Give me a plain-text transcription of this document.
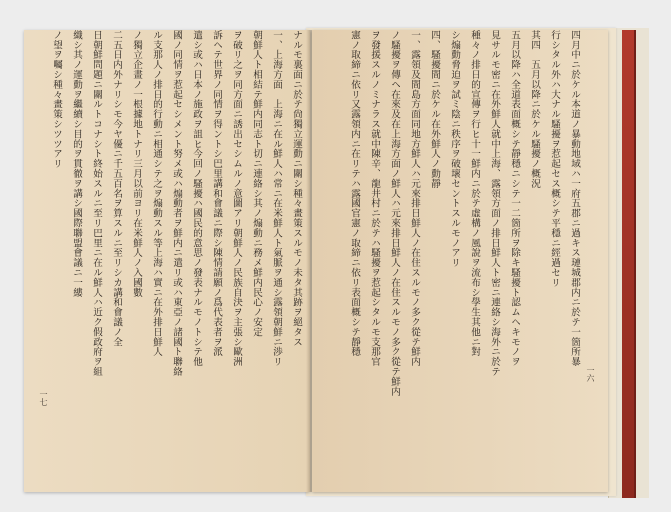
ナルモ裏面ニ於テ尙獨立運動ニ關シ種々畫策スルモノ未タ其跡ヲ絕タス
一、上海方面　上海ニ在ル鮮人ハ常ニ在米鮮人ト氣脈ヲ通シ露領朝鮮ニ渉リ
朝鮮人ト相結テ鮮内同志ト切ニ連絡シ其ノ煽動ニ務メ鮮内民心ノ安定
ヲ破リ之ヲ同方面ニ誘出セシムルノ意圖アリ朝鮮人ノ民族自決ヲ主張シ歐洲
訴ヘテ世界ノ同情ヲ得ントシ巴里講和會議ニ際シ陳情請願ノ爲代表者ヲ派
遣シ或ハ日本ノ施政ヲ詛ヒ今回ノ騷擾ハ國民的意思ノ發表ナルモノトシテ他
國ノ同情ヲ惹起セシメント努メ或ハ煽動者ヲ鮮内ニ遣リ或ハ東亞ノ諸國ト聯絡
ル支那人ノ排日的行動ニ相通シテ之ヲ煽動スル等上海ハ實ニ在外排日鮮人
ノ獨立企畫ノ一根據地トナリ三月以前ヨリ在米鮮人ノ入國數
二五日内外ナリシモ今ヤ優ニ千五百名ヲ算スルニ至リシカ講和會議ノ全
日朝鮮問題ニ關ルトコナシト終始スルニ至リ巴里ニ在ル鮮人ハ近ク假政府ヲ組
織シ其ノ運動ヲ繼續シ目的ヲ貫徹ヲ講シ國際聯盟會議ニ一縷
ノ望ヲ囑シ種々畫策シツツアリ
一七
四月中ニ於ケル本道ノ暴動地域ハ一府五郡ニ過キス璉城郡内ニ於テ一箇所暴
行シタル外ハ大ナル騷擾ヲ惹起セス概シテ平穩ニ經過セリ
其四　五月以降ニ於ケル騷擾ノ概況
五月以降ハ全道表面概シテ靜穩ニシテ一二箇所ヲ除キ騷擾ト認ムヘキモノヲ
見サルモ密ニ在外鮮人就中上海、露領方面ノ排日鮮人ト密ニ連絡シ海外ニ於テ
種々ノ排日的宣傳ヲ行ヒ十一鮮内ニ於テ虛構ノ風說ヲ流布シ學生其他ニ對
シ煽動脅迫ヲ試ミ陰ニ秩序ヲ破壞セントスルモノアリ
四、騷擾間ニ於ケル在外鮮人ノ動靜
一、露領及間島方面同地方鮮人ハ元來排日鮮人ノ在住スルモノ多ク從テ鮮内
ノ騷擾ヲ傳ヘ在來及在上海方面ノ鮮人ハ元來排日鮮人ノ在住スルモノ多ク從テ鮮内
ヲ發援スルノミナラス就中陳辛、龍井村ニ於テハ騷擾ヲ惹起シタルモ支那官
憲ノ取締ニ依リ又露領内ニ在リテハ露國官憲ノ取締ニ依リ表面概シテ靜穩
一六
